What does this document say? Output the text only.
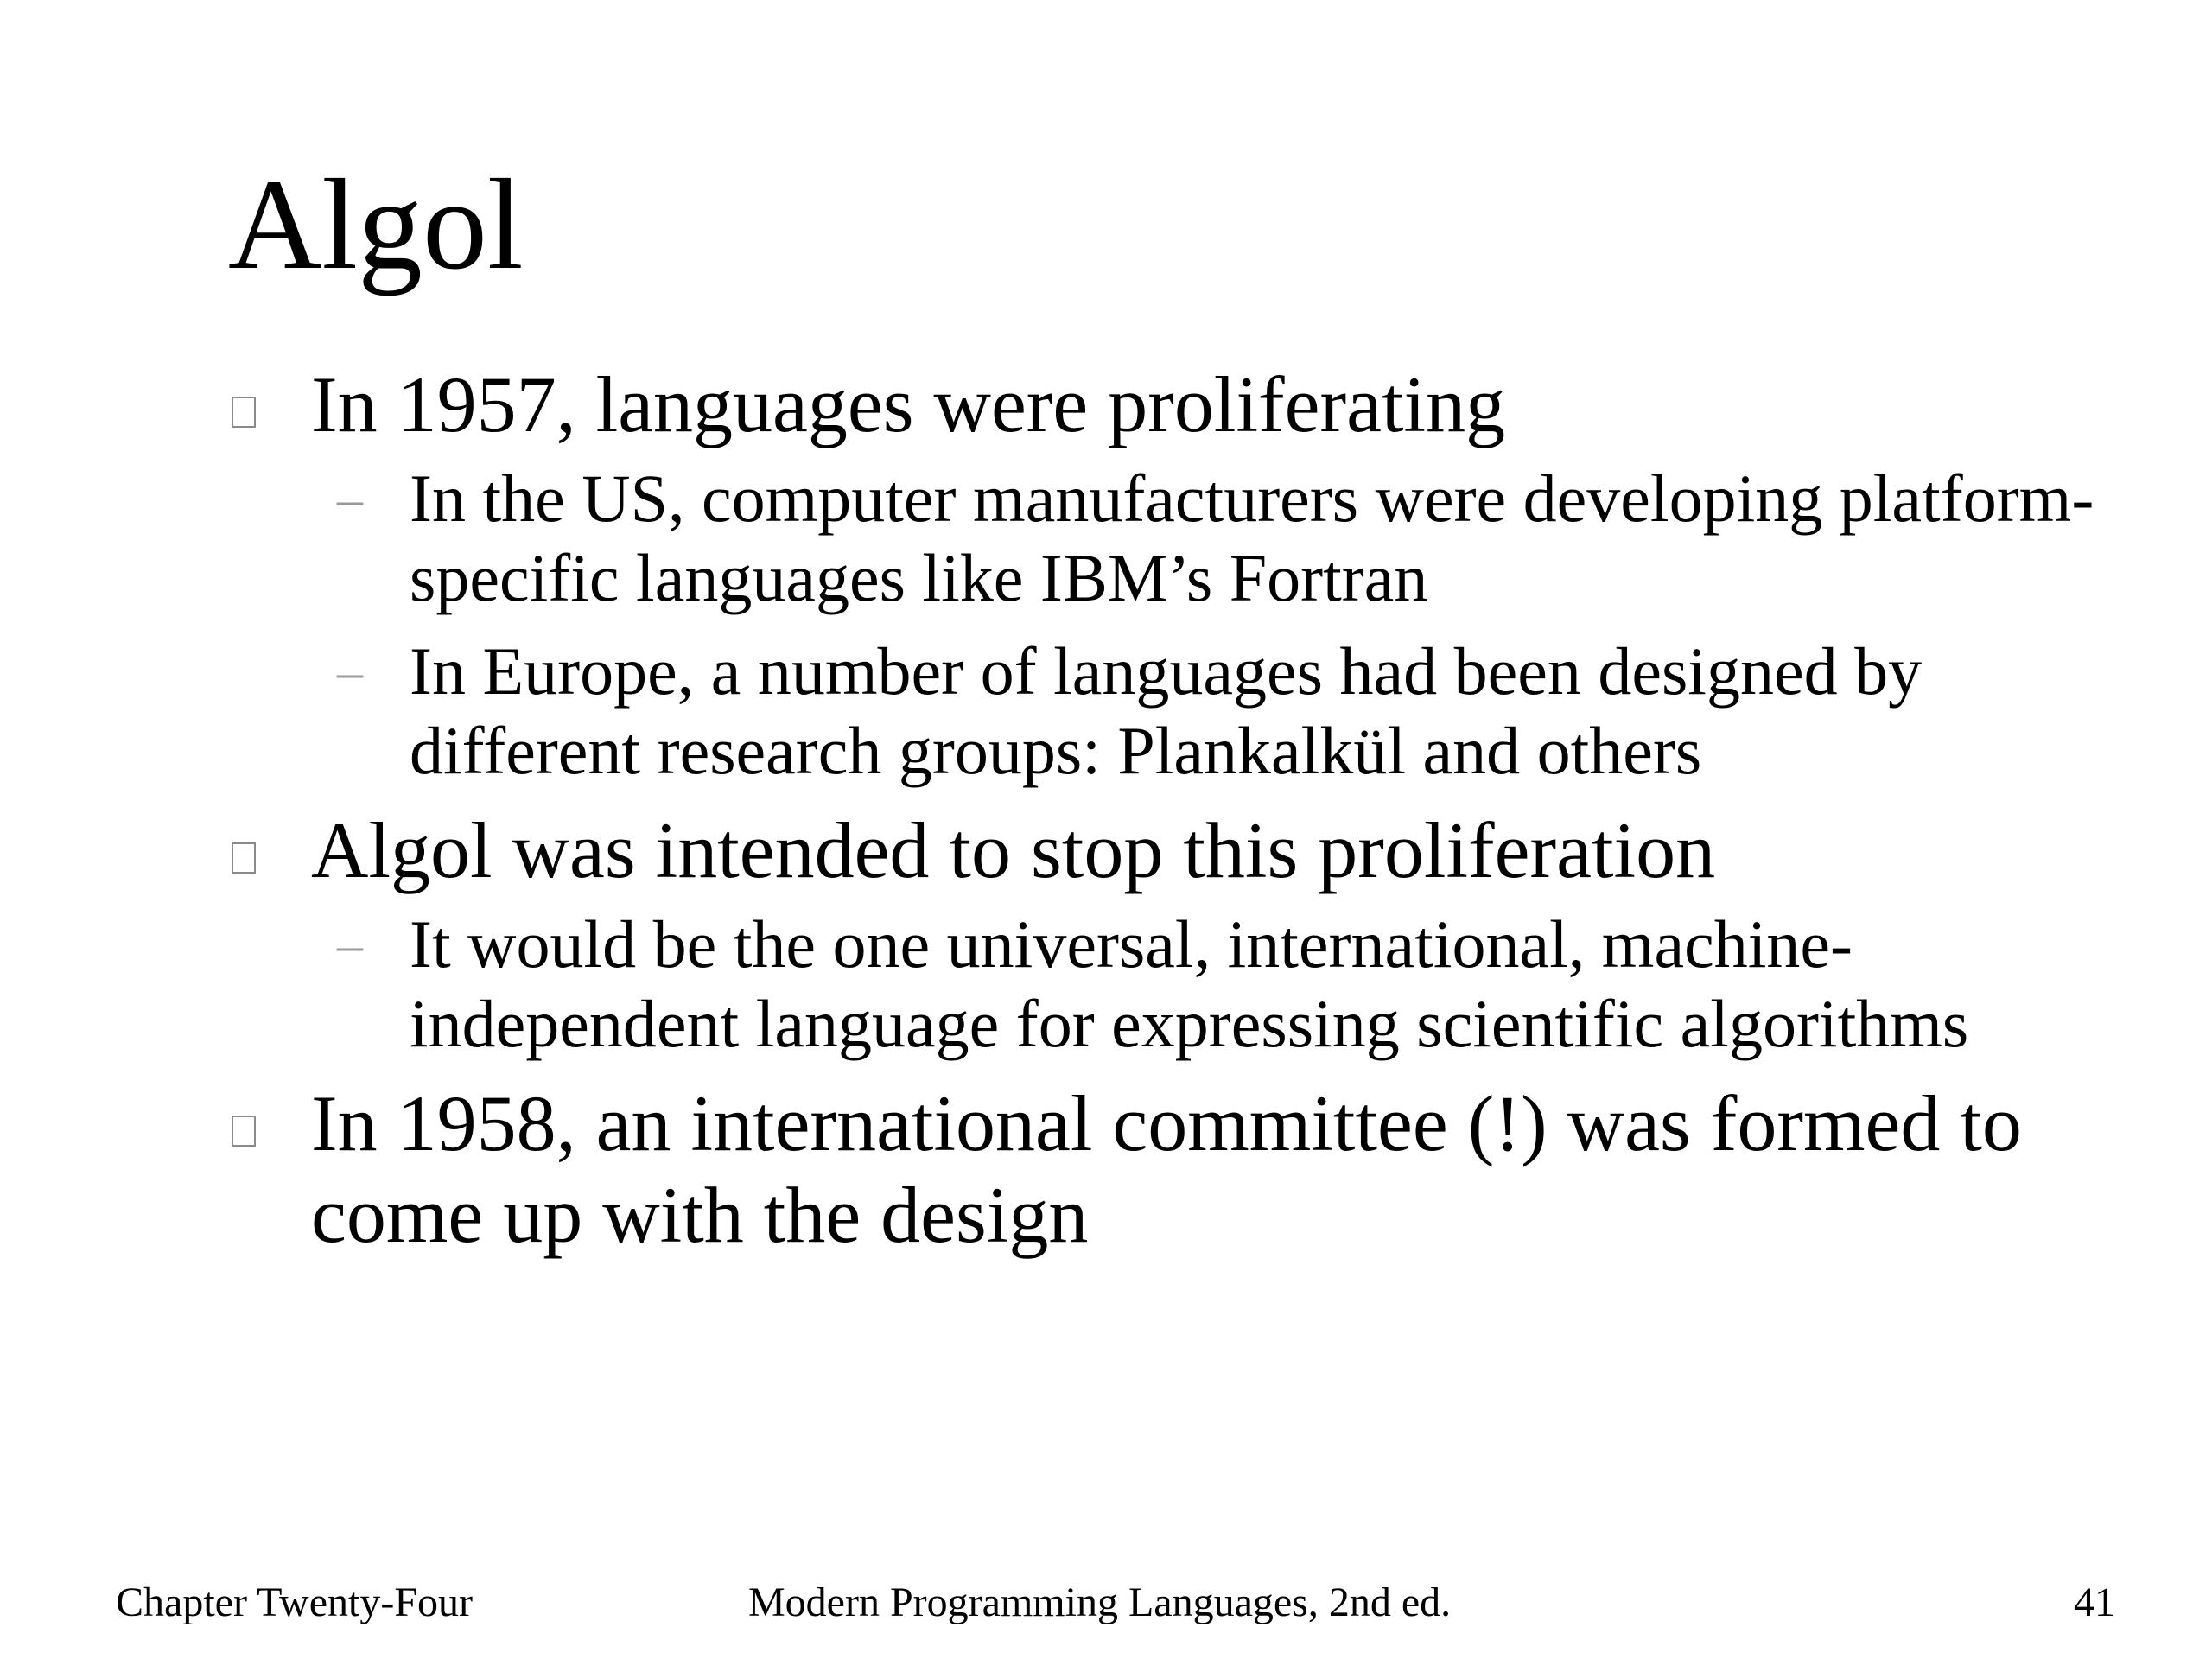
Algol
In 1957, languages were proliferating
– In the US, computer manufacturers were developing platform-specific languages like IBM’s Fortran
– In Europe, a number of languages had been designed by different research groups: Plankalkül and others
Algol was intended to stop this proliferation
– It would be the one universal, international, machine-independent language for expressing scientific algorithms
In 1958, an international committee (!) was formed to come up with the design
Chapter Twenty-Four	Modern Programming Languages, 2nd ed.	41
